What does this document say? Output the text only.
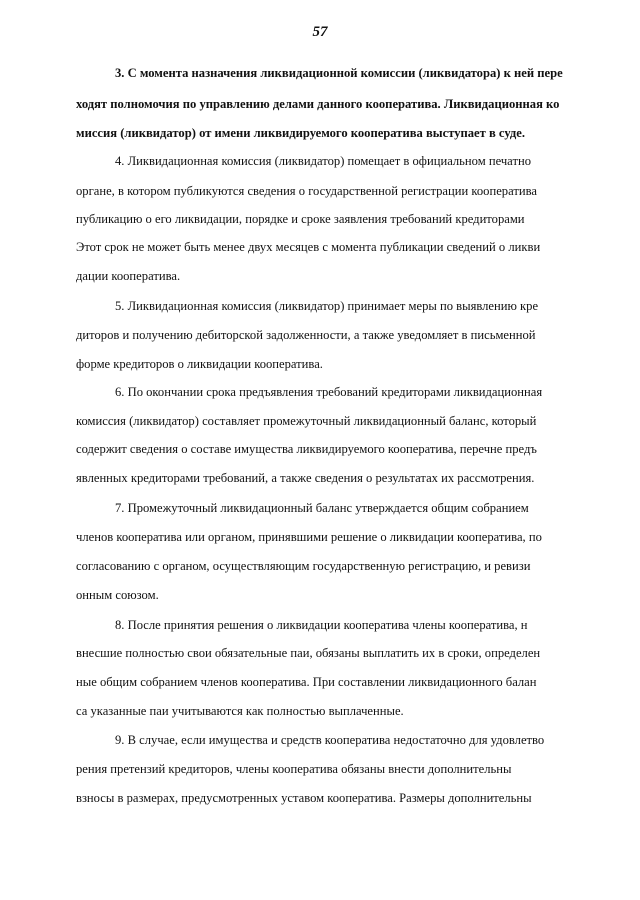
57
3. С момента назначения ликвидационной комиссии (ликвидатора) к ней пере
ходят полномочия по управлению делами данного кооператива. Ликвидационная ко
миссия (ликвидатор) от имени ликвидируемого кооператива выступает в суде.
4. Ликвидационная комиссия (ликвидатор) помещает в официальном печатно
органе, в котором публикуются сведения о государственной регистрации кооператива
публикацию о его ликвидации, порядке и сроке заявления требований кредиторами
Этот срок не может быть менее двух месяцев с момента публикации сведений о ликви
дации кооператива.
5. Ликвидационная комиссия (ликвидатор) принимает меры по выявлению кре
диторов и получению дебиторской задолженности, а также уведомляет в письменной
форме кредиторов о ликвидации кооператива.
6. По окончании срока предъявления требований кредиторами ликвидационная
комиссия (ликвидатор) составляет промежуточный ликвидационный баланс, который
содержит сведения о составе имущества ликвидируемого кооператива, перечне предъ
явленных кредиторами требований, а также сведения о результатах их рассмотрения.
7. Промежуточный ликвидационный баланс утверждается общим собранием
членов кооператива или органом, принявшими решение о ликвидации кооператива, по
согласованию с органом, осуществляющим государственную регистрацию, и ревизи
онным союзом.
8. После принятия решения о ликвидации кооператива члены кооператива, н
внесшие полностью свои обязательные паи, обязаны выплатить их в сроки, определен
ные общим собранием членов кооператива. При составлении ликвидационного балан
са указанные паи учитываются как полностью выплаченные.
9. В случае, если имущества и средств кооператива недостаточно для удовлетво
рения претензий кредиторов, члены кооператива обязаны внести дополнительны
взносы в размерах, предусмотренных уставом кооператива. Размеры дополнительны
